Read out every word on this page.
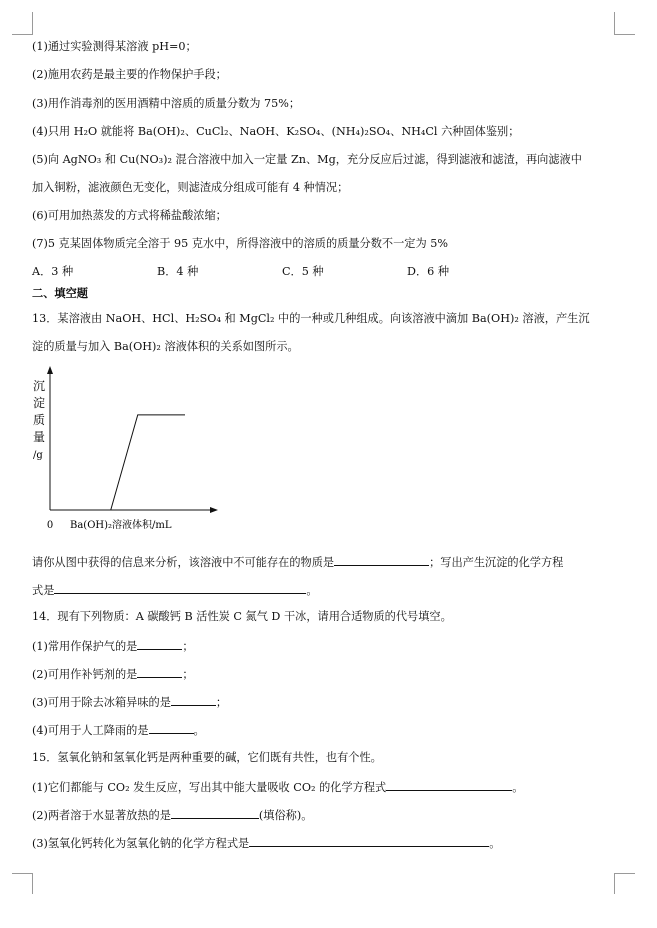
(1)通过实验测得某溶液 pH=0；
(2)施用农药是最主要的作物保护手段；
(3)用作消毒剂的医用酒精中溶质的质量分数为 75%；
(4)只用 H₂O 就能将 Ba(OH)₂、CuCl₂、NaOH、K₂SO₄、(NH₄)₂SO₄、NH₄Cl 六种固体鉴别；
(5)向 AgNO₃ 和 Cu(NO₃)₂ 混合溶液中加入一定量 Zn、Mg，充分反应后过滤，得到滤液和滤渣，再向滤液中
加入铜粉，滤液颜色无变化，则滤渣成分组成可能有 4 种情况；
(6)可用加热蒸发的方式将稀盐酸浓缩；
(7)5 克某固体物质完全溶于 95 克水中，所得溶液中的溶质的质量分数不一定为 5%
A．3 种	B．4 种	C．5 种	D．6 种
二、填空题
13．某溶液由 NaOH、HCl、H₂SO₄ 和 MgCl₂ 中的一种或几种组成。向该溶液中滴加 Ba(OH)₂ 溶液，产生沉
淀的质量与加入 Ba(OH)₂ 溶液体积的关系如图所示。
沉
淀
质
量
/g
0 Ba(OH)₂溶液体积/mL
请你从图中获得的信息来分析，该溶液中不可能存在的物质是	；写出产生沉淀的化学方程
式是	。
14．现有下列物质：A 碳酸钙 B 活性炭 C 氮气 D 干冰，请用合适物质的代号填空。
(1)常用作保护气的是	；
(2)可用作补钙剂的是	；
(3)可用于除去冰箱异味的是	；
(4)可用于人工降雨的是	。
15．氢氧化钠和氢氧化钙是两种重要的碱，它们既有共性，也有个性。
(1)它们都能与 CO₂ 发生反应，写出其中能大量吸收 CO₂ 的化学方程式	。
(2)两者溶于水显著放热的是	(填俗称)。
(3)氢氧化钙转化为氢氧化钠的化学方程式是	。
